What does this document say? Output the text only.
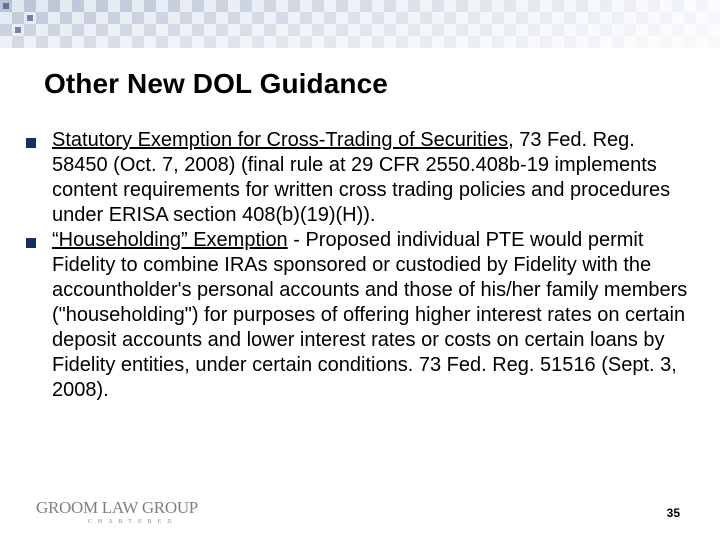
Other New DOL Guidance
Statutory Exemption for Cross-Trading of Securities, 73 Fed. Reg. 58450 (Oct. 7, 2008) (final rule at 29 CFR 2550.408b-19 implements content requirements for written cross trading policies and procedures under ERISA section 408(b)(19)(H)).
“Householding” Exemption - Proposed individual PTE would permit Fidelity to combine IRAs sponsored or custodied by Fidelity with the accountholder's personal accounts and those of his/her family members ("householding") for purposes of offering higher interest rates on certain deposit accounts and lower interest rates or costs on certain loans by Fidelity entities, under certain conditions. 73 Fed. Reg. 51516 (Sept. 3, 2008).
GROOM LAW GROUP
CHARTERED
35
